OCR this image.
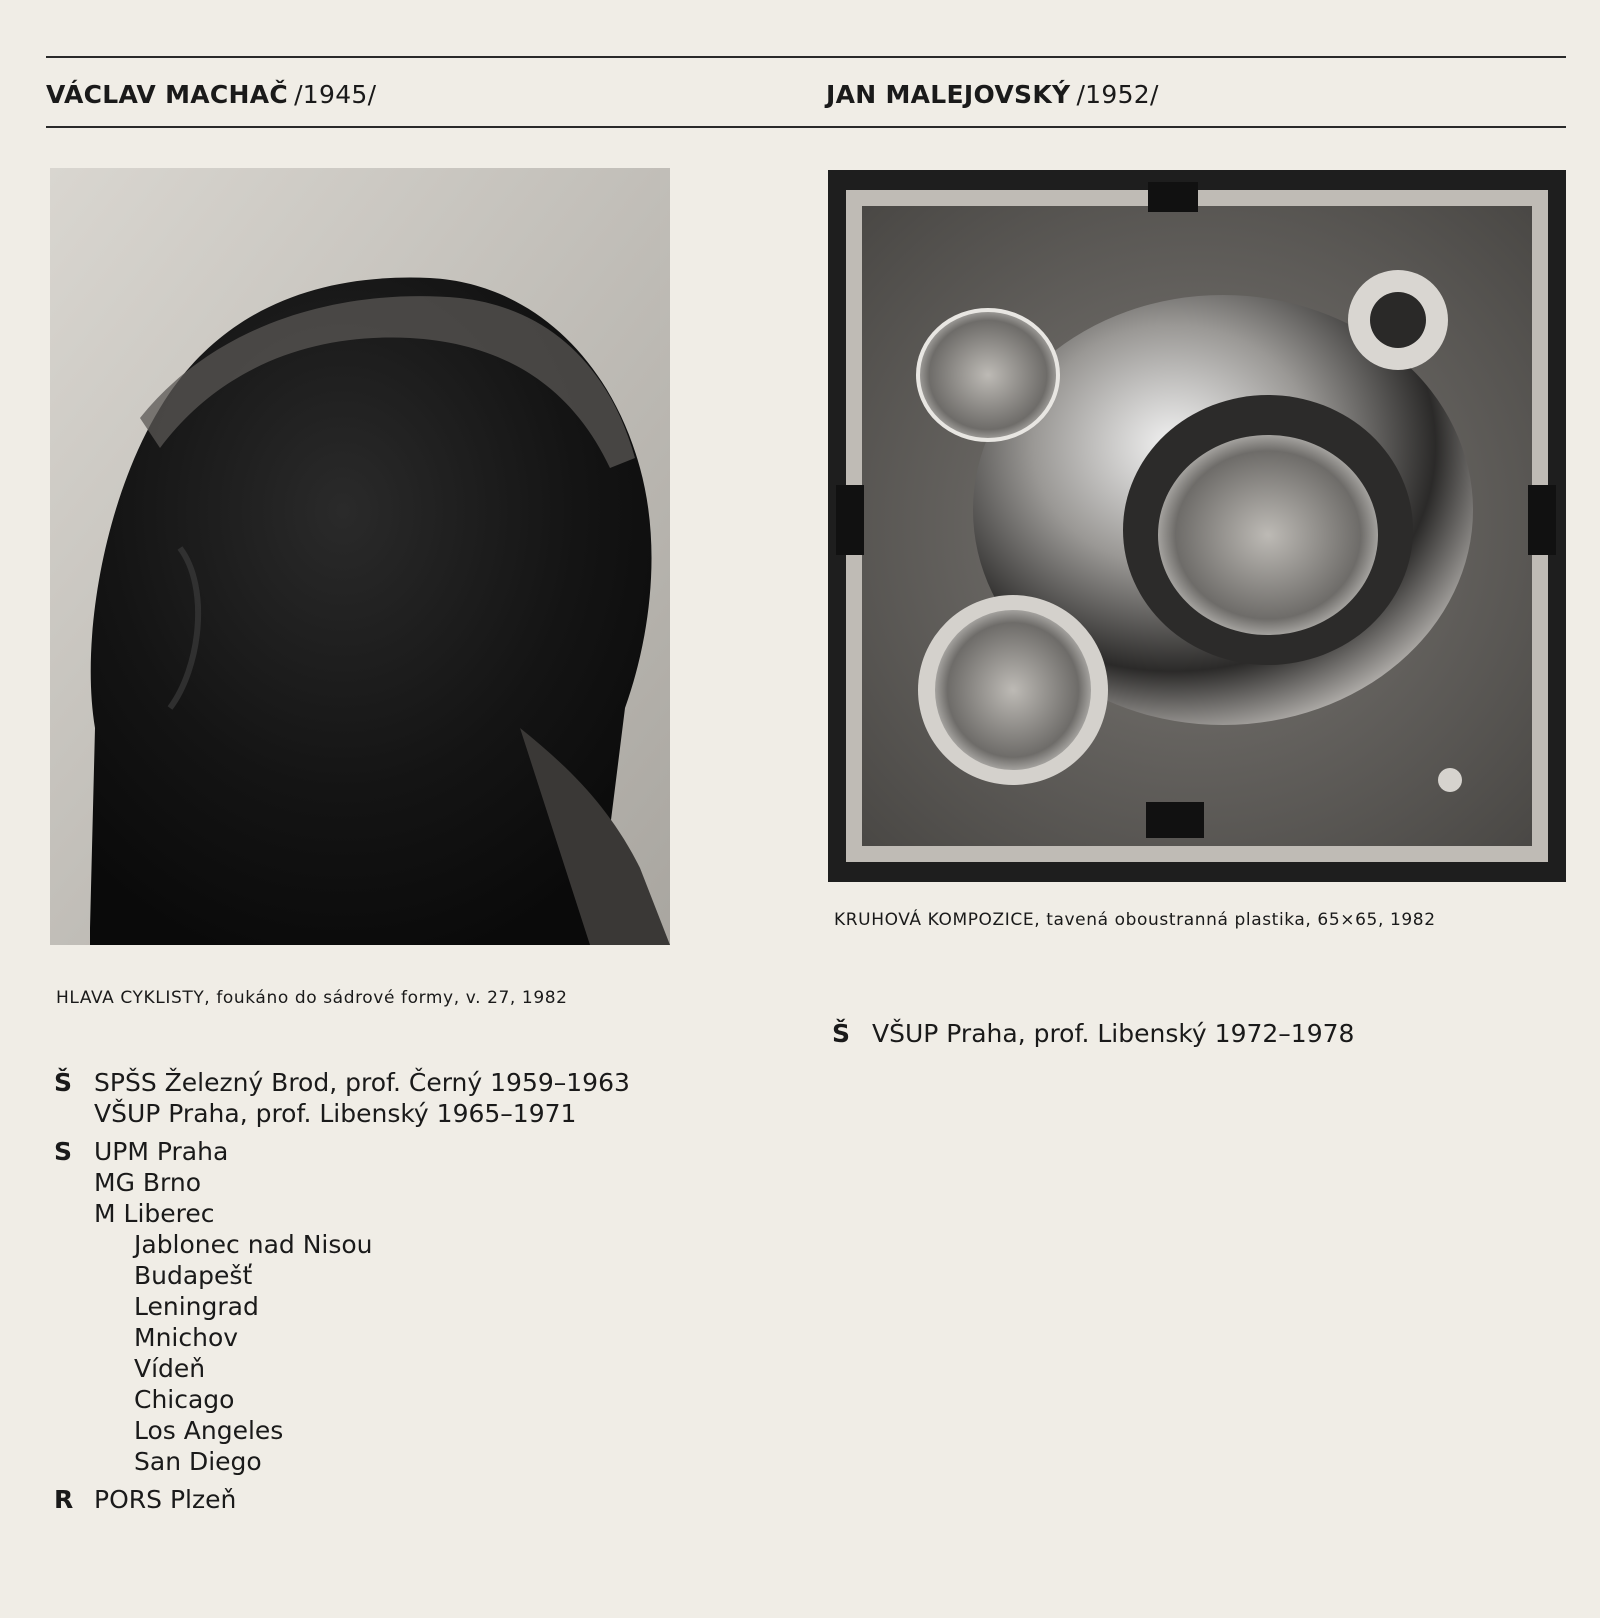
VÁCLAV MACHAČ /1945/	JAN MALEJOVSKÝ /1952/
HLAVA CYKLISTY, foukáno do sádrové formy, v. 27, 1982
KRUHOVÁ KOMPOZICE, tavená oboustranná plastika, 65×65, 1982
Š SPŠS Železný Brod, prof. Černý 1959–1963
VŠUP Praha, prof. Libenský 1965–1971
S UPM Praha
MG Brno
M Liberec
Jablonec nad Nisou
Budapešť
Leningrad
Mnichov
Vídeň
Chicago
Los Angeles
San Diego
R PORS Plzeň
Š VŠUP Praha, prof. Libenský 1972–1978
